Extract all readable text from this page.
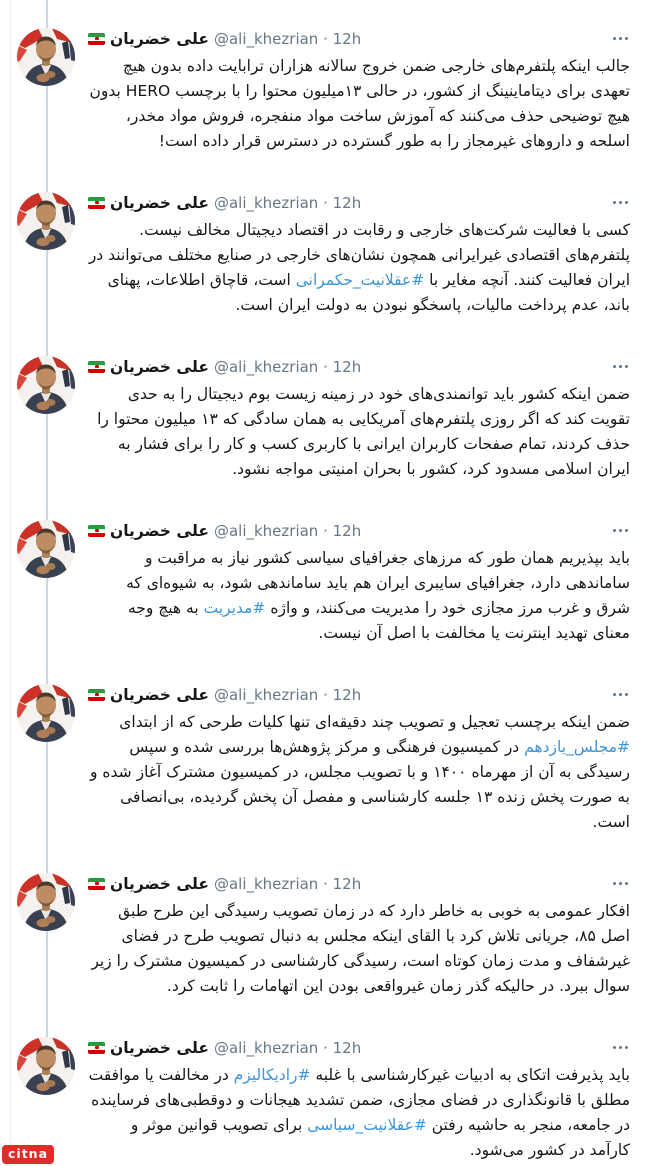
علی خضریان @ali_khezrian · 12h
جالب اینکه پلتفرم‌های خارجی ضمن خروج سالانه هزاران ترابایت داده بدون هیچ تعهدی برای دیتاماینینگ از کشور، در حالی ۱۳میلیون محتوا را با برچسب HERO بدون هیچ توضیحی حذف می‌کنند که آموزش ساخت مواد منفجره، فروش مواد مخدر، اسلحه و داروهای غیرمجاز را به طور گسترده در دسترس قرار داده است!
علی خضریان @ali_khezrian · 12h
کسی با فعالیت شرکت‌های خارجی و رقابت در اقتصاد دیجیتال مخالف نیست. پلتفرم‌های اقتصادی غیرایرانی همچون نشان‌های خارجی در صنایع مختلف می‌توانند در ایران فعالیت کنند. آنچه مغایر با #عقلانیت_حکمرانی است، قاچاق اطلاعات، پهنای باند، عدم پرداخت مالیات، پاسخگو نبودن به دولت ایران است.
علی خضریان @ali_khezrian · 12h
ضمن اینکه کشور باید توانمندی‌های خود در زمینه زیست بوم دیجیتال را به حدی تقویت کند که اگر روزی پلتفرم‌های آمریکایی به همان سادگی که ۱۳ میلیون محتوا را حذف کردند، تمام صفحات کاربران ایرانی با کاربری کسب و کار را برای فشار به ایران اسلامی مسدود کرد، کشور با بحران امنیتی مواجه نشود.
علی خضریان @ali_khezrian · 12h
باید بپذیریم همان طور که مرزهای جغرافیای سیاسی کشور نیاز به مراقبت و ساماندهی دارد، جغرافیای سایبری ایران هم باید ساماندهی شود، به شیوه‌ای که شرق و غرب مرز مجازی خود را مدیریت می‌کنند، و واژه #مدیریت به هیچ وجه معنای تهدید اینترنت یا مخالفت با اصل آن نیست.
علی خضریان @ali_khezrian · 12h
ضمن اینکه برچسب تعجیل و تصویب چند دقیقه‌ای تنها کلیات طرحی که از ابتدای #مجلس_یازدهم در کمیسیون فرهنگی و مرکز پژوهش‌ها بررسی شده و سپس رسیدگی به آن از مهرماه ۱۴۰۰ و با تصویب مجلس، در کمیسیون مشترک آغاز شده و به صورت پخش زنده ۱۳ جلسه کارشناسی و مفصل آن پخش گردیده، بی‌انصافی است.
علی خضریان @ali_khezrian · 12h
افکار عمومی به خوبی به خاطر دارد که در زمان تصویب رسیدگی این طرح طبق اصل ۸۵، جریانی تلاش کرد با القای اینکه مجلس به دنبال تصویب طرح در فضای غیرشفاف و مدت زمان کوتاه است، رسیدگی کارشناسی در کمیسیون مشترک را زیر سوال ببرد. در حالیکه گذر زمان غیرواقعی بودن این اتهامات را ثابت کرد.
علی خضریان @ali_khezrian · 12h
باید پذیرفت اتکای به ادبیات غیرکارشناسی با غلبه #رادیکالیزم در مخالفت یا موافقت مطلق با قانونگذاری در فضای مجازی، ضمن تشدید هیجانات و دوقطبی‌های فرساینده در جامعه، منجر به حاشیه رفتن #عقلانیت_سیاسی برای تصویب قوانین موثر و کارآمد در کشور می‌شود.
citna
